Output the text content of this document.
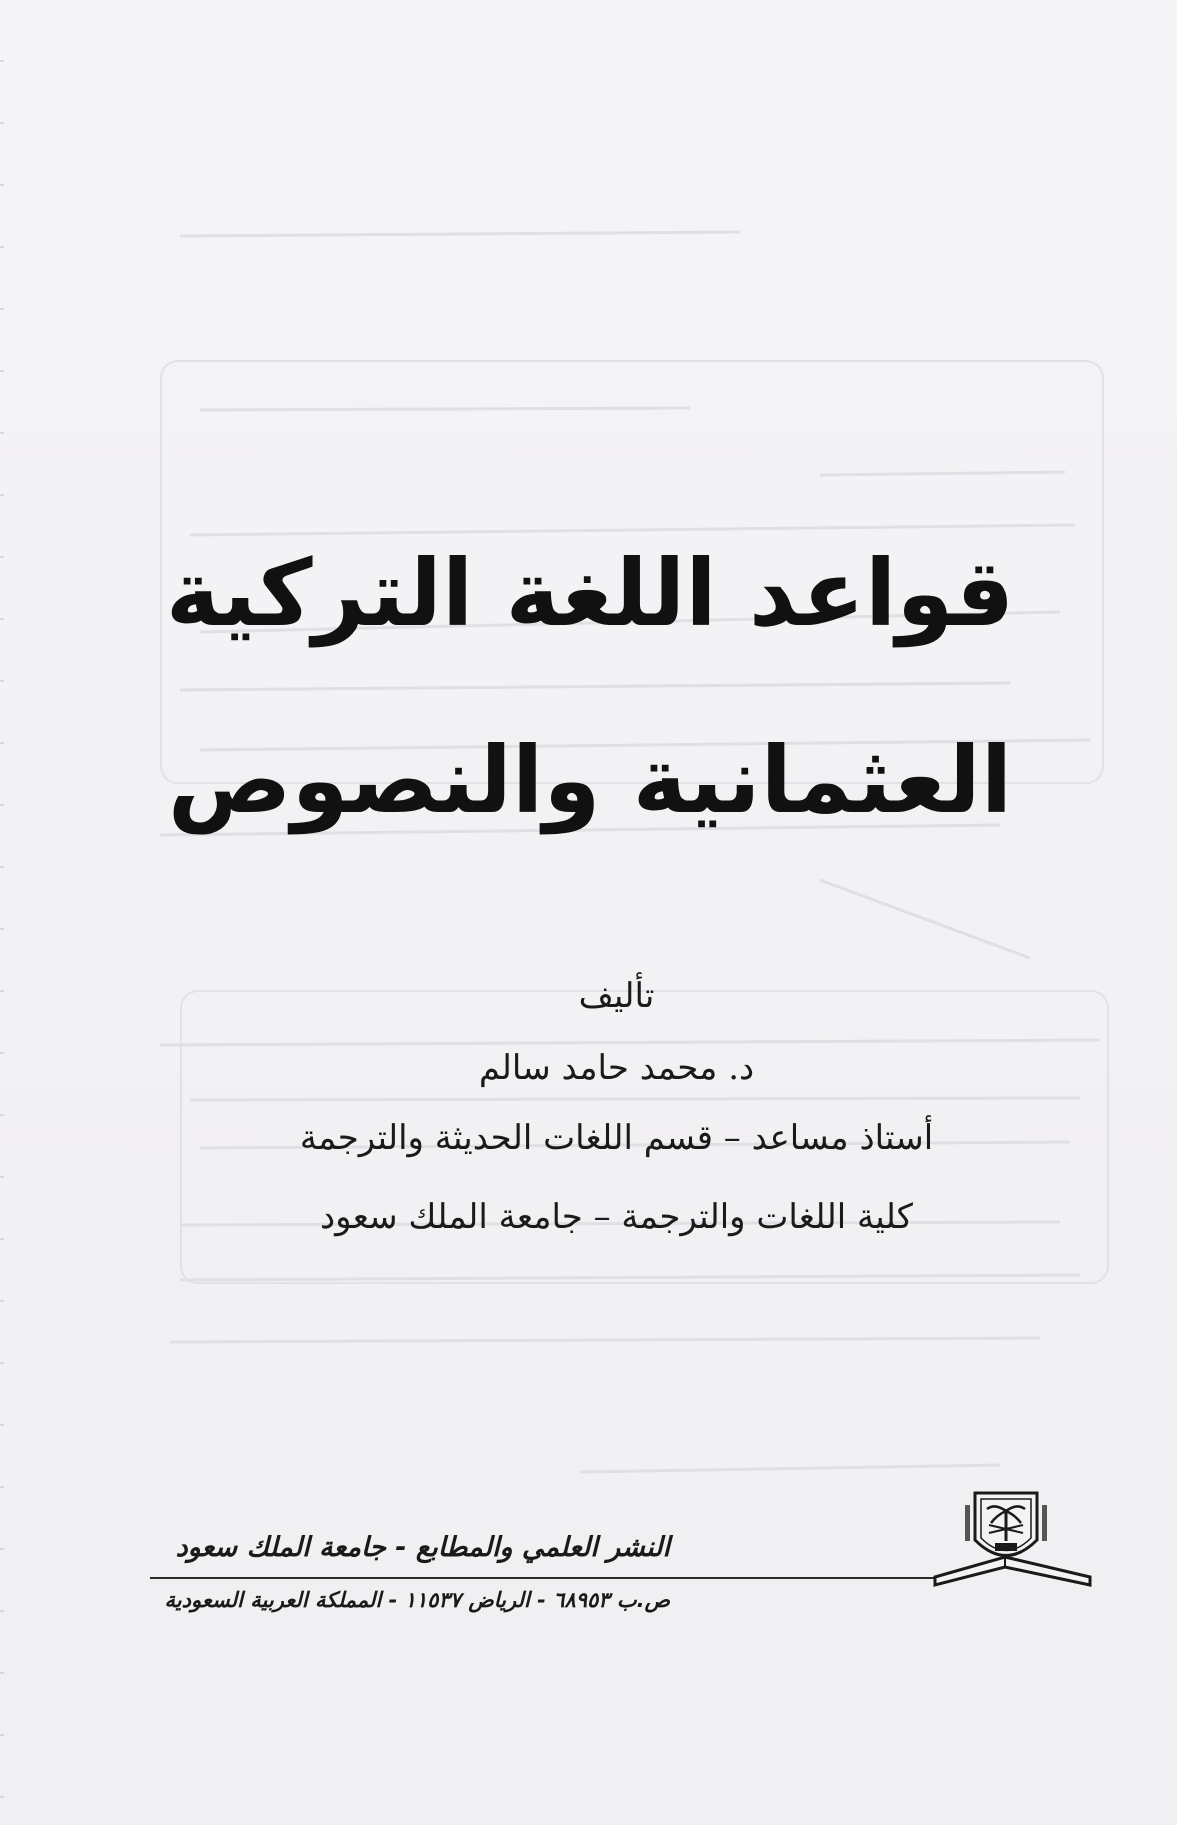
قواعد اللغة التركية
العثمانية والنصوص
تأليف
د. محمد حامد سالم
أستاذ مساعد – قسم اللغات الحديثة والترجمة
كلية اللغات والترجمة – جامعة الملك سعود
النشر العلمي والمطابع - جامعة الملك سعود
ص.ب ٦٨٩٥٣ - الرياض ١١٥٣٧ - المملكة العربية السعودية
